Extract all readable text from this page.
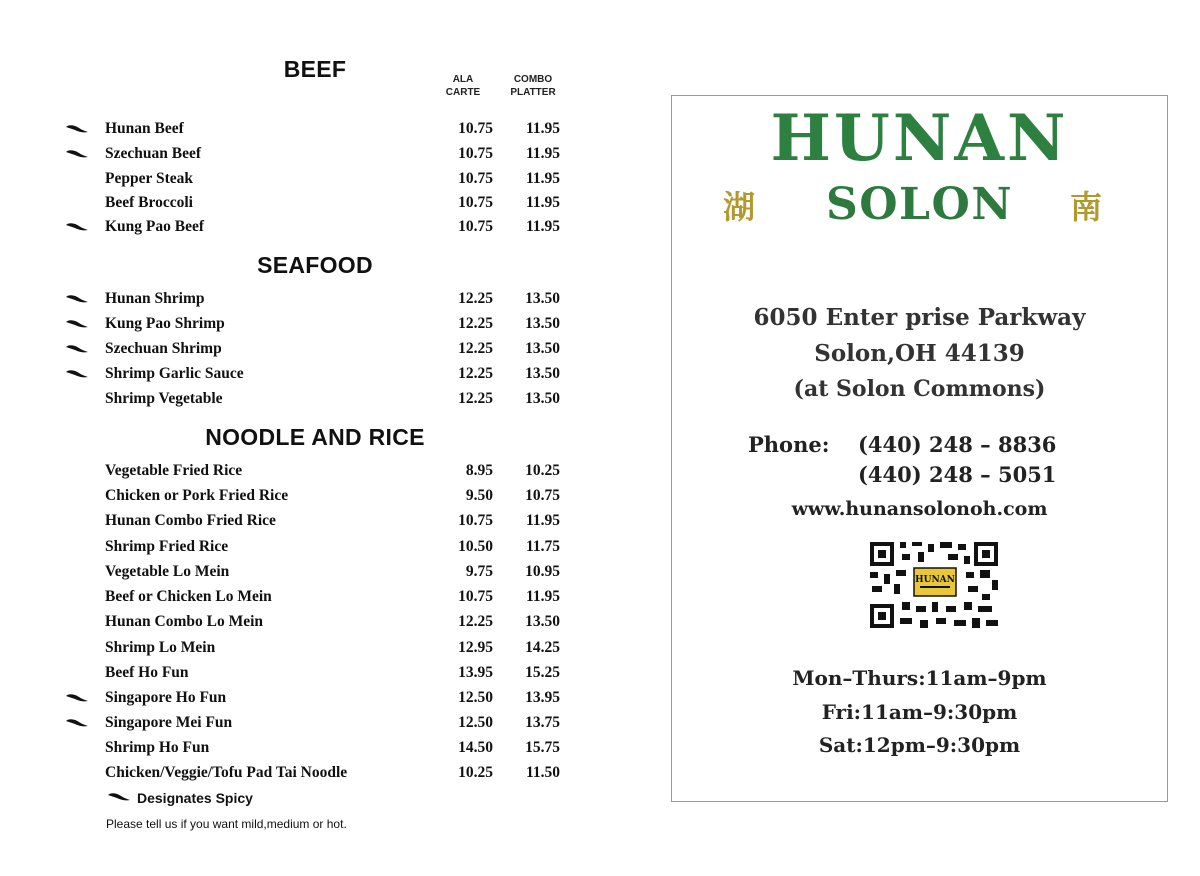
ALA
CARTE
COMBO
PLATTER
BEEF
Hunan Beef	10.75 11.95
Szechuan Beef	10.75 11.95
Pepper Steak	10.75 11.95
Beef Broccoli	10.75 11.95
Kung Pao Beef	10.75 11.95
SEAFOOD
Hunan Shrimp	12.25 13.50
Kung Pao Shrimp	12.25 13.50
Szechuan Shrimp	12.25 13.50
Shrimp Garlic Sauce	12.25 13.50
Shrimp Vegetable	12.25 13.50
NOODLE AND RICE
Vegetable Fried Rice	8.95 10.25
Chicken or Pork Fried Rice	9.50 10.75
Hunan Combo Fried Rice	10.75 11.95
Shrimp Fried Rice	10.50 11.75
Vegetable Lo Mein	9.75 10.95
Beef or Chicken Lo Mein	10.75 11.95
Hunan Combo Lo Mein	12.25 13.50
Shrimp Lo Mein	12.95 14.25
Beef Ho Fun	13.95 15.25
Singapore Ho Fun	12.50 13.95
Singapore Mei Fun	12.50 13.75
Shrimp Ho Fun	14.50 15.75
Chicken/Veggie/Tofu Pad Tai Noodle	10.25 11.50
Designates Spicy
Please tell us if you want mild,medium or hot.
HUNAN
湖	SOLON	南
6050 Enter prise Parkway
Solon,OH 44139
(at Solon Commons)
Phone: (440) 248 – 8836
(440) 248 – 5051
www.hunansolonoh.com
HUNAN
Mon–Thurs:11am–9pm
Fri:11am–9:30pm
Sat:12pm–9:30pm
